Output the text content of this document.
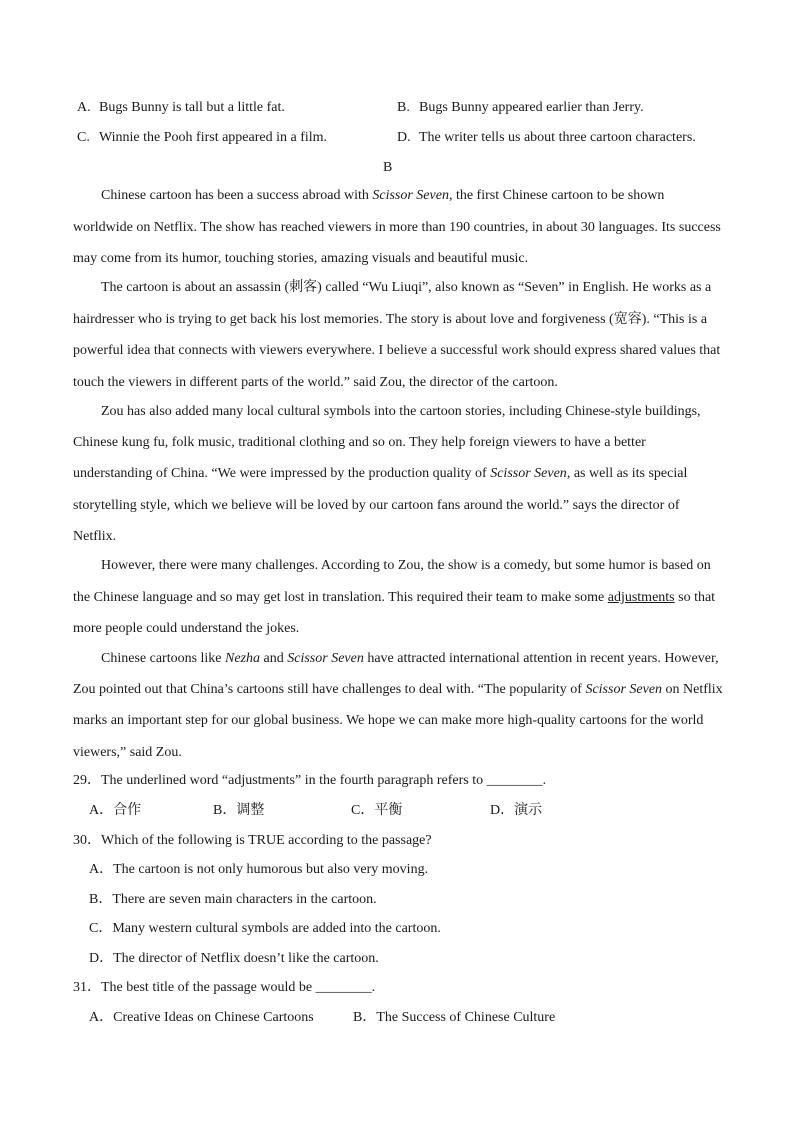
A. Bugs Bunny is tall but a little fat.	B. Bugs Bunny appeared earlier than Jerry.
C. Winnie the Pooh first appeared in a film.	D. The writer tells us about three cartoon characters.
B
Chinese cartoon has been a success abroad with Scissor Seven, the first Chinese cartoon to be shown
worldwide on Netflix. The show has reached viewers in more than 190 countries, in about 30 languages. Its success
may come from its humor, touching stories, amazing visuals and beautiful music.
The cartoon is about an assassin (刺客) called “Wu Liuqi”, also known as “Seven” in English. He works as a
hairdresser who is trying to get back his lost memories. The story is about love and forgiveness (宽容). “This is a
powerful idea that connects with viewers everywhere. I believe a successful work should express shared values that
touch the viewers in different parts of the world.” said Zou, the director of the cartoon.
Zou has also added many local cultural symbols into the cartoon stories, including Chinese-style buildings,
Chinese kung fu, folk music, traditional clothing and so on. They help foreign viewers to have a better
understanding of China. “We were impressed by the production quality of Scissor Seven, as well as its special
storytelling style, which we believe will be loved by our cartoon fans around the world.” says the director of
Netflix.
However, there were many challenges. According to Zou, the show is a comedy, but some humor is based on
the Chinese language and so may get lost in translation. This required their team to make some adjustments so that
more people could understand the jokes.
Chinese cartoons like Nezha and Scissor Seven have attracted international attention in recent years. However,
Zou pointed out that China’s cartoons still have challenges to deal with. “The popularity of Scissor Seven on Netflix
marks an important step for our global business. We hope we can make more high-quality cartoons for the world
viewers,” said Zou.
29．The underlined word “adjustments” in the fourth paragraph refers to ________.
A．合作	B．调整	C．平衡	D．演示
30．Which of the following is TRUE according to the passage?
A．The cartoon is not only humorous but also very moving.
B．There are seven main characters in the cartoon.
C．Many western cultural symbols are added into the cartoon.
D．The director of Netflix doesn’t like the cartoon.
31．The best title of the passage would be ________.
A．Creative Ideas on Chinese Cartoons	B．The Success of Chinese Culture
